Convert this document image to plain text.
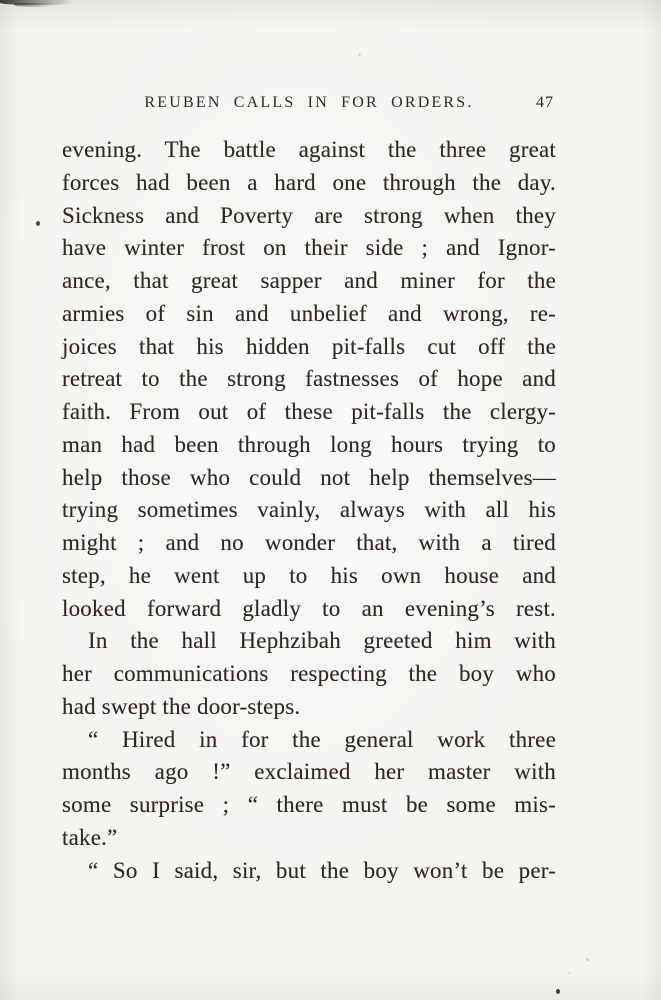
47
REUBEN CALLS IN FOR ORDERS.
evening. The battle against the three great
forces had been a hard one through the day.
Sickness and Poverty are strong when they
have winter frost on their side ; and Ignor-
ance, that great sapper and miner for the
armies of sin and unbelief and wrong, re-
joices that his hidden pit-falls cut off the
retreat to the strong fastnesses of hope and
faith. From out of these pit-falls the clergy-
man had been through long hours trying to
help those who could not help themselves—
trying sometimes vainly, always with all his
might ; and no wonder that, with a tired
step, he went up to his own house and
looked forward gladly to an evening’s rest.
In the hall Hephzibah greeted him with
her communications respecting the boy who
had swept the door-steps.
“ Hired in for the general work three
months ago !” exclaimed her master with
some surprise ; “ there must be some mis-
take.”
“ So I said, sir, but the boy won’t be per-
